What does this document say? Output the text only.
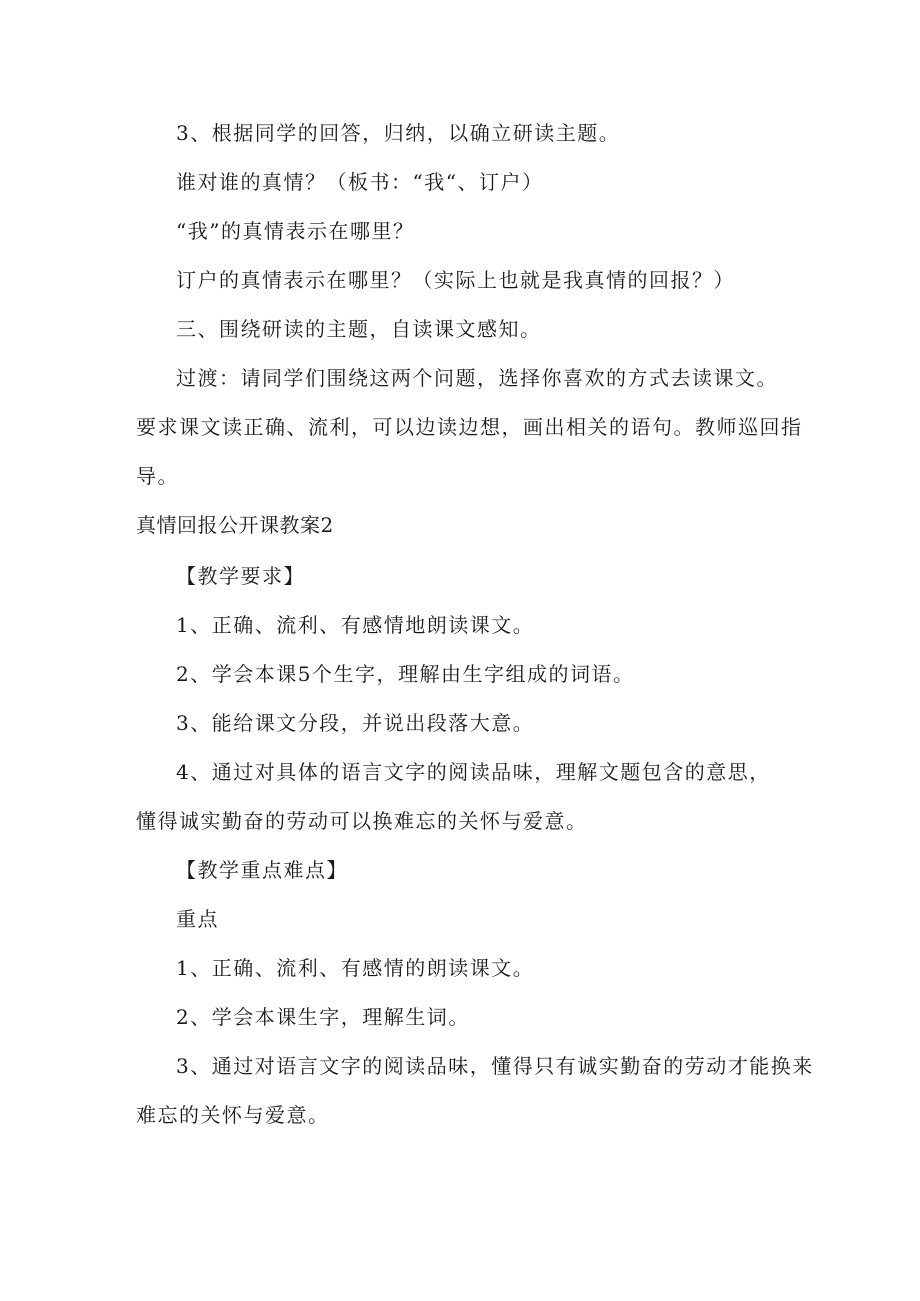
3、根据同学的回答，归纳，以确立研读主题。
谁对谁的真情？（板书：“我“、订户）
“我”的真情表示在哪里？
订户的真情表示在哪里？（实际上也就是我真情的回报？）
三、围绕研读的主题，自读课文感知。
过渡：请同学们围绕这两个问题，选择你喜欢的方式去读课文。
要求课文读正确、流利，可以边读边想，画出相关的语句。教师巡回指
导。
真情回报公开课教案2
【教学要求】
1、正确、流利、有感情地朗读课文。
2、学会本课5个生字，理解由生字组成的词语。
3、能给课文分段，并说出段落大意。
4、通过对具体的语言文字的阅读品味，理解文题包含的意思，
懂得诚实勤奋的劳动可以换难忘的关怀与爱意。
【教学重点难点】
重点
1、正确、流利、有感情的朗读课文。
2、学会本课生字，理解生词。
3、通过对语言文字的阅读品味，懂得只有诚实勤奋的劳动才能换来
难忘的关怀与爱意。
